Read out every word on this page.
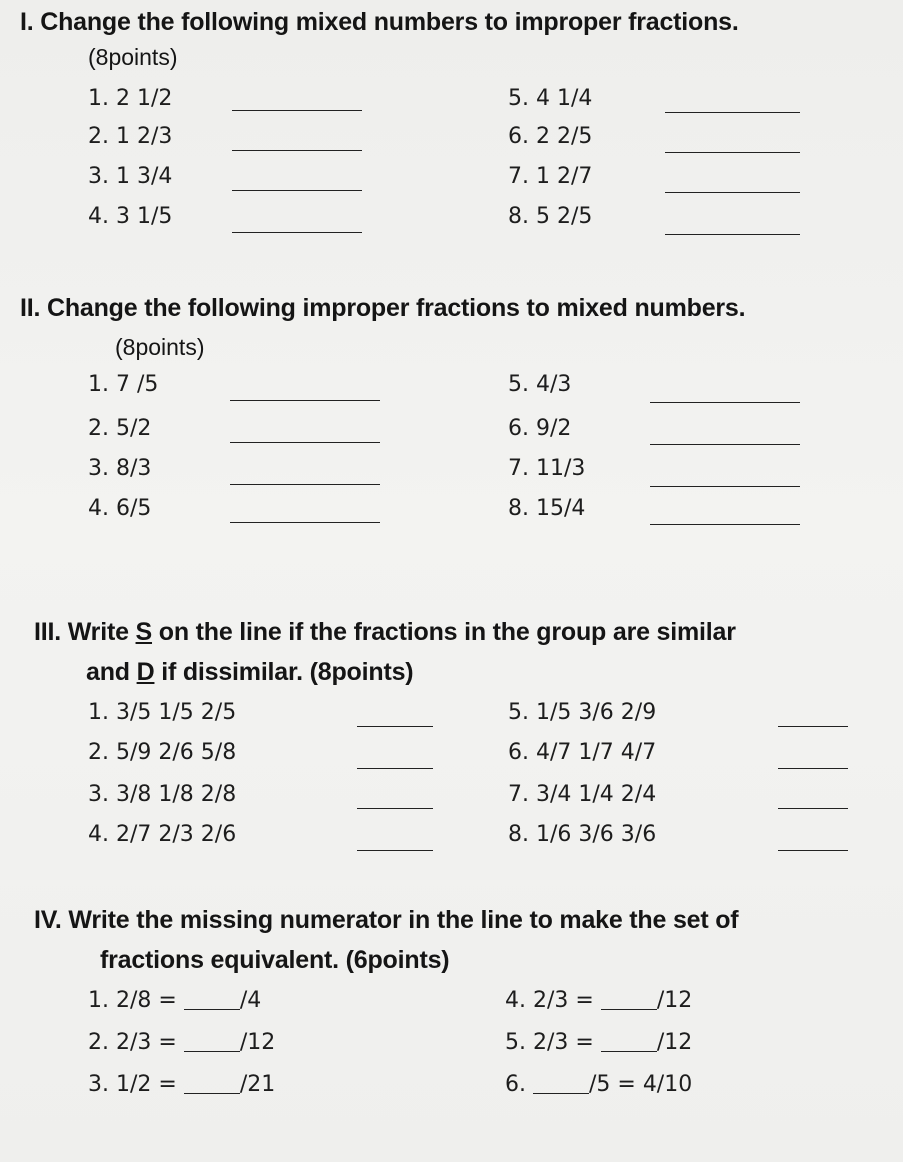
I. Change the following mixed numbers to improper fractions.
(8points)
1. 2 1/2
2. 1 2/3
3. 1 3/4
4. 3 1/5
5. 4 1/4
6. 2 2/5
7. 1 2/7
8. 5 2/5
II. Change the following improper fractions to mixed numbers.
(8points)
1. 7 /5
2. 5/2
3. 8/3
4. 6/5
5. 4/3
6. 9/2
7. 11/3
8. 15/4
III. Write S on the line if the fractions in the group are similar
and D if dissimilar. (8points)
1. 3/5 1/5 2/5
2. 5/9 2/6 5/8
3. 3/8 1/8 2/8
4. 2/7 2/3 2/6
5. 1/5 3/6 2/9
6. 4/7 1/7 4/7
7. 3/4 1/4 2/4
8. 1/6 3/6 3/6
IV. Write the missing numerator in the line to make the set of
fractions equivalent. (6points)
1. 2/8 =	/4
2. 2/3 =	/12
3. 1/2 =	/21
4. 2/3 =	/12
5. 2/3 =	/12
6.	/5 = 4/10
